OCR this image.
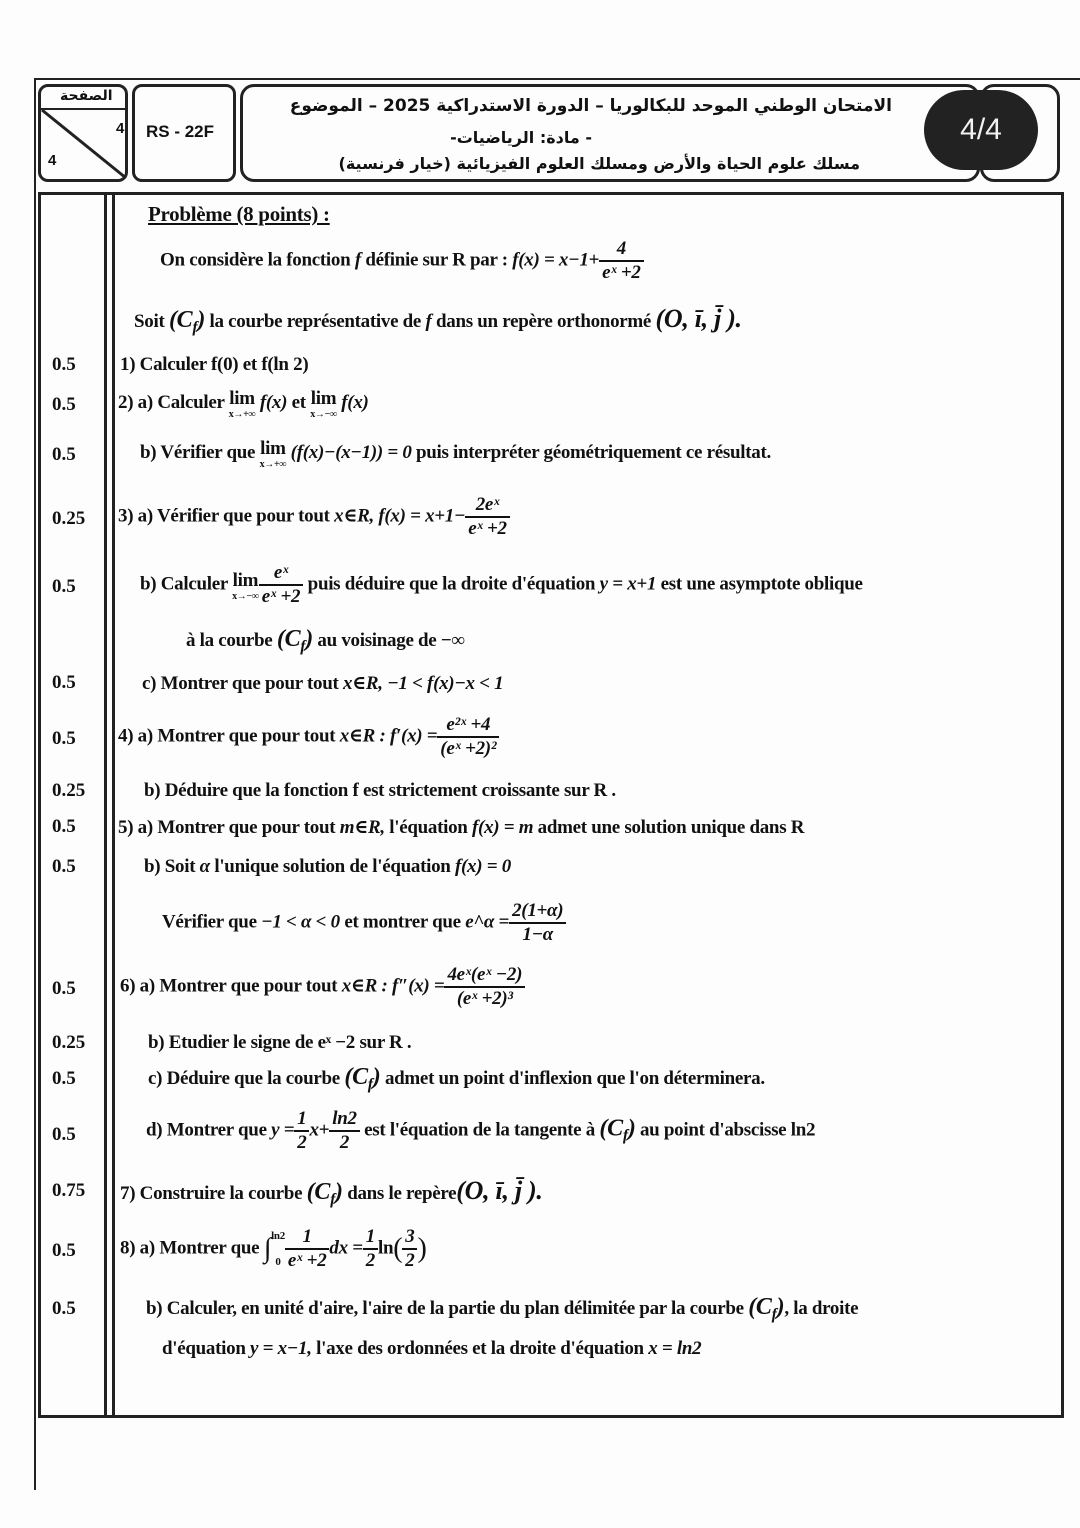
الصفحة
4
4
RS - 22F
الامتحان الوطني الموحد للبكالوريا – الدورة الاستدراكية 2025 – الموضوع
- مادة: الرياضيات-
مسلك علوم الحياة والأرض ومسلك العلوم الفيزيائية (خيار فرنسية)
4/4
Problème (8 points) :
On considère la fonction f définie sur R par : $f(x) = x-1+ \frac{4}{\text{eˣ +2}}$
Soit $(C_f)$ la courbe représentative de f dans un repère orthonormé (O, ī, j̄ ).
0.5
0.5
0.5
0.25
0.5
0.5
0.5
0.25
0.5
0.5
0.5
0.25
0.5
0.5
0.75
0.5
0.5
1) Calculer f(0) et f(ln 2)
2) a) Calculer lim
x→+∞
f(x) et lim
x→−∞
f(x)
b) Vérifier que lim
x→+∞
(f(x)−(x−1)) = 0 puis interpréter géométriquement ce résultat.
3) a) Vérifier que pour tout x∈R, $f(x) = x+1- \frac{\text{2eˣ}}{\text{eˣ +2}}$
b) Calculer lim
$x\to-\infty \frac{\text{eˣ}}{\text{eˣ +2}}$ puis déduire que la droite d'équation y = x+1 est une asymptote oblique
à la courbe $(C_f)$ au voisinage de −∞
c) Montrer que pour tout x∈R, −1 < f(x)−x < 1
4) a) Montrer que pour tout x∈R : $f'(x) = \frac{\text{e²ˣ +4}}{\text{(eˣ +2)²}}$
b) Déduire que la fonction f est strictement croissante sur R .
5) a) Montrer que pour tout m∈R, l'équation f(x) = m admet une solution unique dans R
b) Soit α l'unique solution de l'équation f(x) = 0
Vérifier que −1 < α < 0 et montrer que e^α = $\frac{2(1+\alpha)}{1-\alpha}$
6) a) Montrer que pour tout x∈R : $f''(x) = \frac{\text{4eˣ(eˣ −2)}}{\text{(eˣ +2)³}}$
b) Etudier le signe de eˣ −2 sur R .
c) Déduire que la courbe $(C_f)$ admet un point d'inflexion que l'on déterminera.
d) Montrer que $y = \frac{1}{2} x+ \frac{\ln 2}{2}$ est l'équation de la tangente à $(C_f)$ au point d'abscisse ln2
7) Construire la courbe $(C_f)$ dans le repère(O, ī, j̄ ).
8) a) Montrer que ∫ ln2
$0 \frac{1}{\text{eˣ +2}}$ dx = $\frac{1}{2} \ln( \frac{3}{2}$ )
b) Calculer, en unité d'aire, l'aire de la partie du plan délimitée par la courbe $(C_f)$, la droite
d'équation y = x−1, l'axe des ordonnées et la droite d'équation x = ln2
